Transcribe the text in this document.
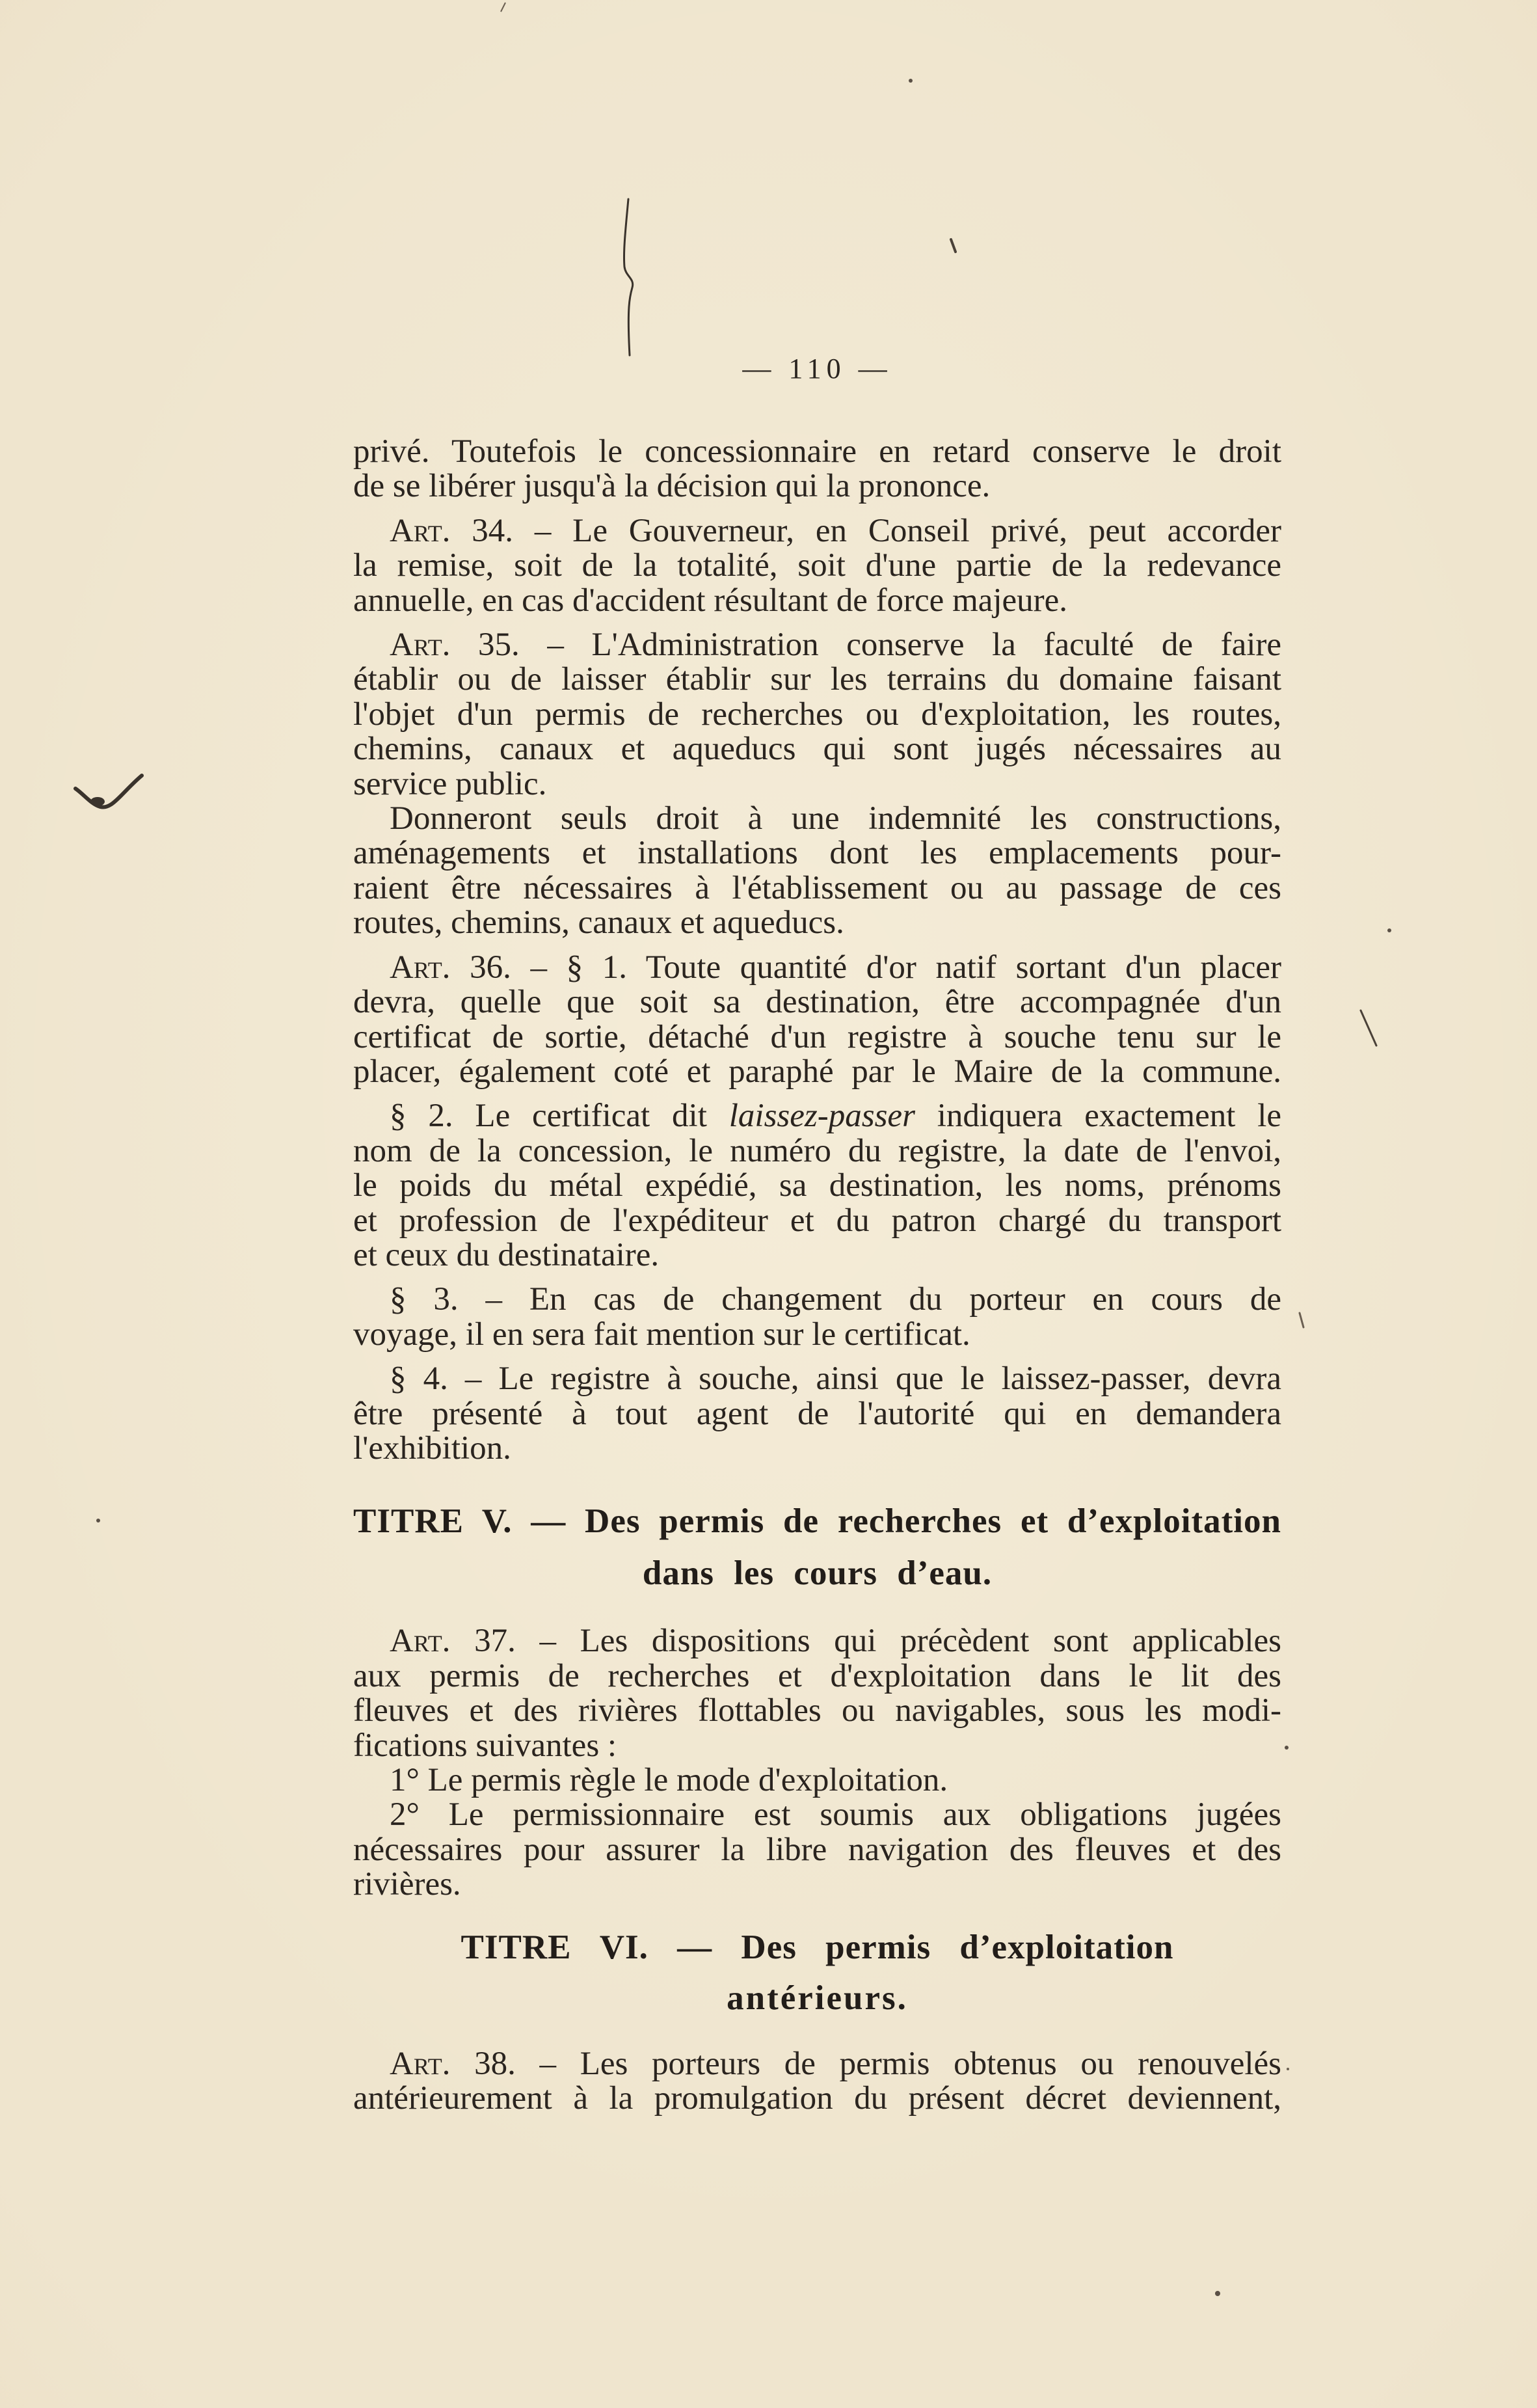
— 110 —
privé. Toutefois le concessionnaire en retard conserve le droit
de se libérer jusqu'à la décision qui la prononce.
Art. 34. – Le Gouverneur, en Conseil privé, peut accorder
la remise, soit de la totalité, soit d'une partie de la redevance
annuelle, en cas d'accident résultant de force majeure.
Art. 35. – L'Administration conserve la faculté de faire
établir ou de laisser établir sur les terrains du domaine faisant
l'objet d'un permis de recherches ou d'exploitation, les routes,
chemins, canaux et aqueducs qui sont jugés nécessaires au
service public.
Donneront seuls droit à une indemnité les constructions,
aménagements et installations dont les emplacements pour-
raient être nécessaires à l'établissement ou au passage de ces
routes, chemins, canaux et aqueducs.
Art. 36. – § 1. Toute quantité d'or natif sortant d'un placer
devra, quelle que soit sa destination, être accompagnée d'un
certificat de sortie, détaché d'un registre à souche tenu sur le
placer, également coté et paraphé par le Maire de la commune.
§ 2. Le certificat dit laissez-passer indiquera exactement le
nom de la concession, le numéro du registre, la date de l'envoi,
le poids du métal expédié, sa destination, les noms, prénoms
et profession de l'expéditeur et du patron chargé du transport
et ceux du destinataire.
§ 3. – En cas de changement du porteur en cours de
voyage, il en sera fait mention sur le certificat.
§ 4. – Le registre à souche, ainsi que le laissez-passer, devra
être présenté à tout agent de l'autorité qui en demandera
l'exhibition.
TITRE V. — Des permis de recherches et d’exploitation
dans les cours d’eau.
Art. 37. – Les dispositions qui précèdent sont applicables
aux permis de recherches et d'exploitation dans le lit des
fleuves et des rivières flottables ou navigables, sous les modi-
fications suivantes :
1° Le permis règle le mode d'exploitation.
2° Le permissionnaire est soumis aux obligations jugées
nécessaires pour assurer la libre navigation des fleuves et des
rivières.
TITRE VI. — Des permis d’exploitation
antérieurs.
Art. 38. – Les porteurs de permis obtenus ou renouvelés
antérieurement à la promulgation du présent décret deviennent,
